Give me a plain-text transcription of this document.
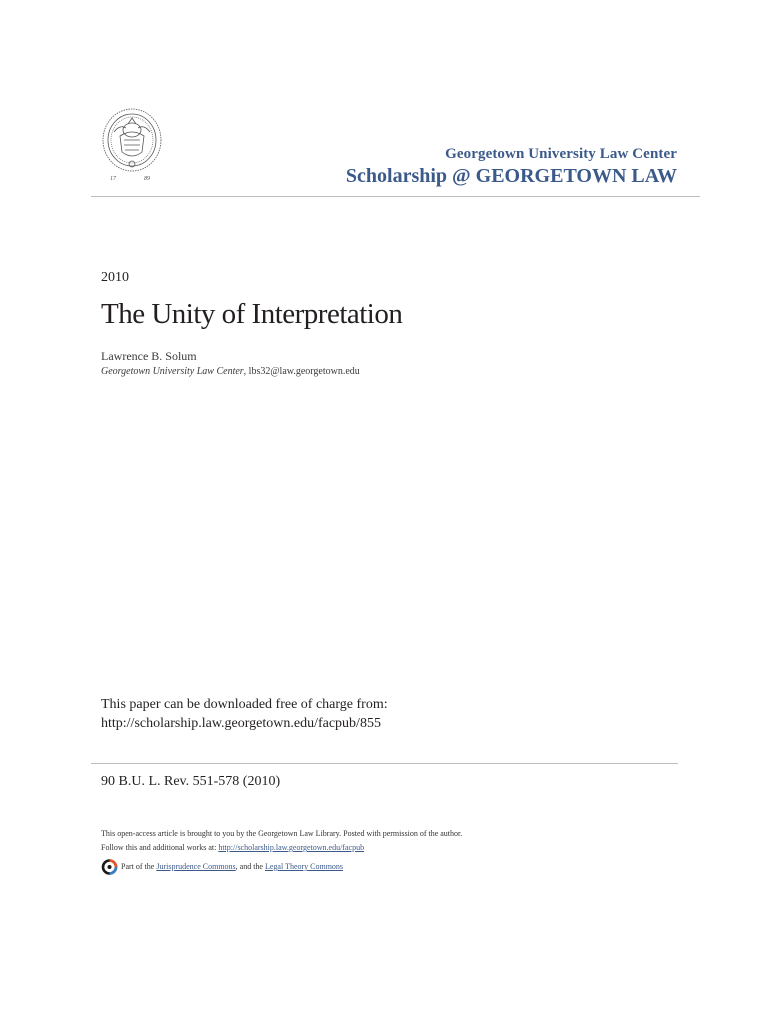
17	89
Georgetown University Law Center
Scholarship @ GEORGETOWN LAW
2010
The Unity of Interpretation
Lawrence B. Solum
Georgetown University Law Center, lbs32@law.georgetown.edu
This paper can be downloaded free of charge from:
http://scholarship.law.georgetown.edu/facpub/855
90 B.U. L. Rev. 551-578 (2010)
This open-access article is brought to you by the Georgetown Law Library. Posted with permission of the author.
Follow this and additional works at: http://scholarship.law.georgetown.edu/facpub
Part of the
Jurisprudence Commons , and the
Legal Theory Commons
